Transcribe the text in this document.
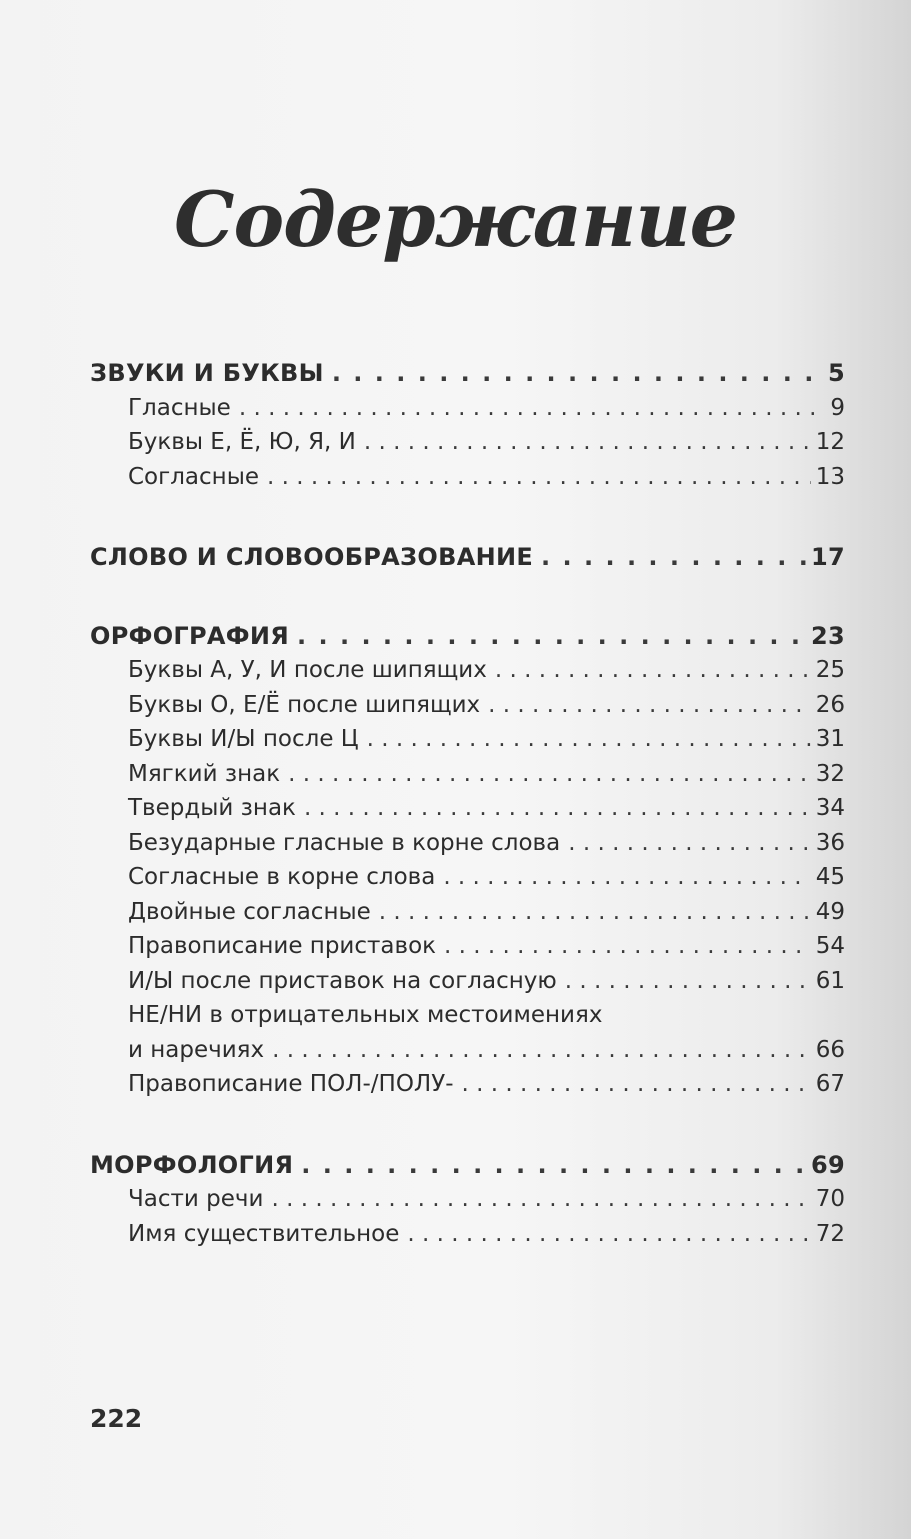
Содержание
ЗВУКИ И БУКВЫ . . .	5
Гласные . . .	9
Буквы Е, Ё, Ю, Я, И . . .	12
Согласные . . .	13
СЛОВО И СЛОВООБРАЗОВАНИЕ . . .	17
ОРФОГРАФИЯ . . .	23
Буквы А, У, И после шипящих . . .	25
Буквы О, Е/Ё после шипящих . . .	26
Буквы И/Ы после Ц . . .	31
Мягкий знак . . .	32
Твердый знак . . .	34
Безударные гласные в корне слова . . .	36
Согласные в корне слова . . .	45
Двойные согласные . . .	49
Правописание приставок . . .	54
И/Ы после приставок на согласную . . .	61
НЕ/НИ в отрицательных местоимениях
и наречиях . . .	66
Правописание ПОЛ-/ПОЛУ- . . .	67
МОРФОЛОГИЯ . . .	69
Части речи . . .	70
Имя существительное . . .	72
222
